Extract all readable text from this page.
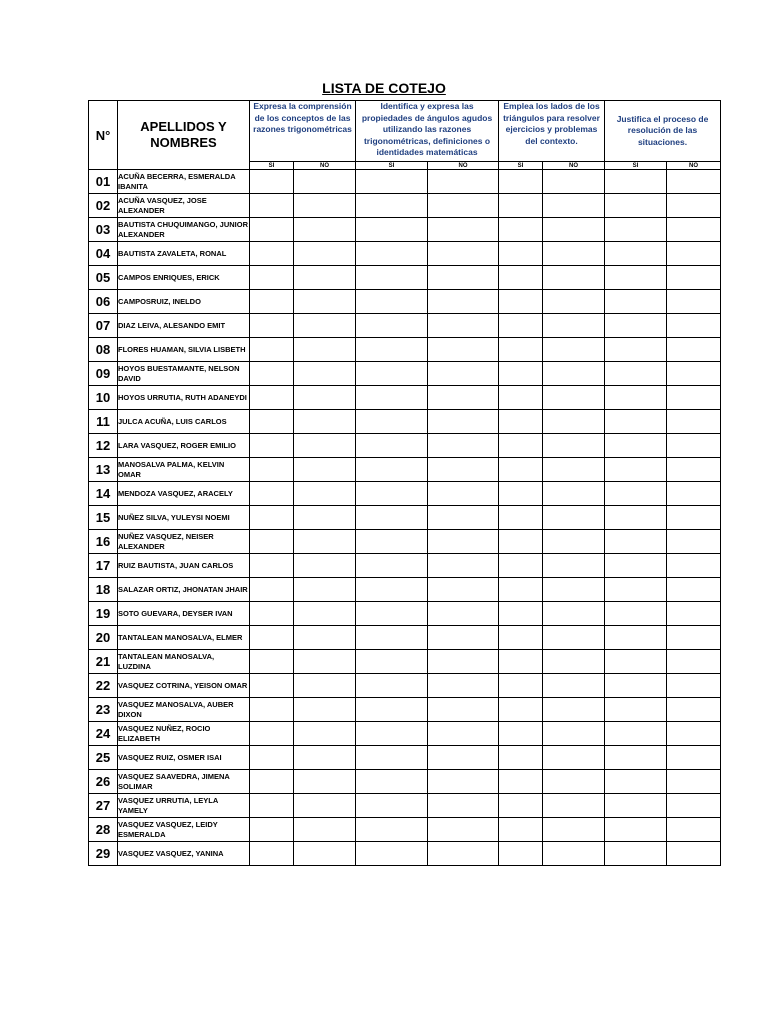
LISTA DE COTEJO
N°	APELLIDOS Y NOMBRES	Expresa la comprensión de los conceptos de las razones trigonométricas		Identifica y expresa las propiedades de ángulos agudos utilizando las razones trigonométricas, definiciones o identidades matemáticas		Emplea los lados de los triángulos para resolver ejercicios y problemas del contexto.		Justifica el proceso de resolución de las situaciones.	
		SI	NO	SI	NO	SI	NO	SI	NO
01	ACUÑA BECERRA, ESMERALDA IBANITA								
02	ACUÑA VASQUEZ, JOSE ALEXANDER								
03	BAUTISTA CHUQUIMANGO, JUNIOR ALEXANDER								
04	BAUTISTA ZAVALETA, RONAL								
05	CAMPOS ENRIQUES, ERICK								
06	CAMPOSRUIZ, INELDO								
07	DIAZ LEIVA, ALESANDO EMIT								
08	FLORES HUAMAN, SILVIA LISBETH								
09	HOYOS BUESTAMANTE, NELSON DAVID								
10	HOYOS URRUTIA, RUTH ADANEYDI								
11	JULCA ACUÑA, LUIS CARLOS								
12	LARA VASQUEZ, ROGER EMILIO								
13	MANOSALVA PALMA, KELVIN OMAR								
14	MENDOZA VASQUEZ, ARACELY								
15	NUÑEZ SILVA, YULEYSI NOEMI								
16	NUÑEZ VASQUEZ, NEISER ALEXANDER								
17	RUIZ BAUTISTA, JUAN CARLOS								
18	SALAZAR ORTIZ, JHONATAN JHAIR								
19	SOTO GUEVARA, DEYSER IVAN								
20	TANTALEAN MANOSALVA, ELMER								
21	TANTALEAN MANOSALVA, LUZDINA								
22	VASQUEZ COTRINA, YEISON OMAR								
23	VASQUEZ MANOSALVA, AUBER DIXON								
24	VASQUEZ NUÑEZ, ROCIO ELIZABETH								
25	VASQUEZ RUIZ, OSMER ISAI								
26	VASQUEZ SAAVEDRA, JIMENA SOLIMAR								
27	VASQUEZ URRUTIA, LEYLA YAMELY								
28	VASQUEZ VASQUEZ, LEIDY ESMERALDA								
29	VASQUEZ VASQUEZ, YANINA								
